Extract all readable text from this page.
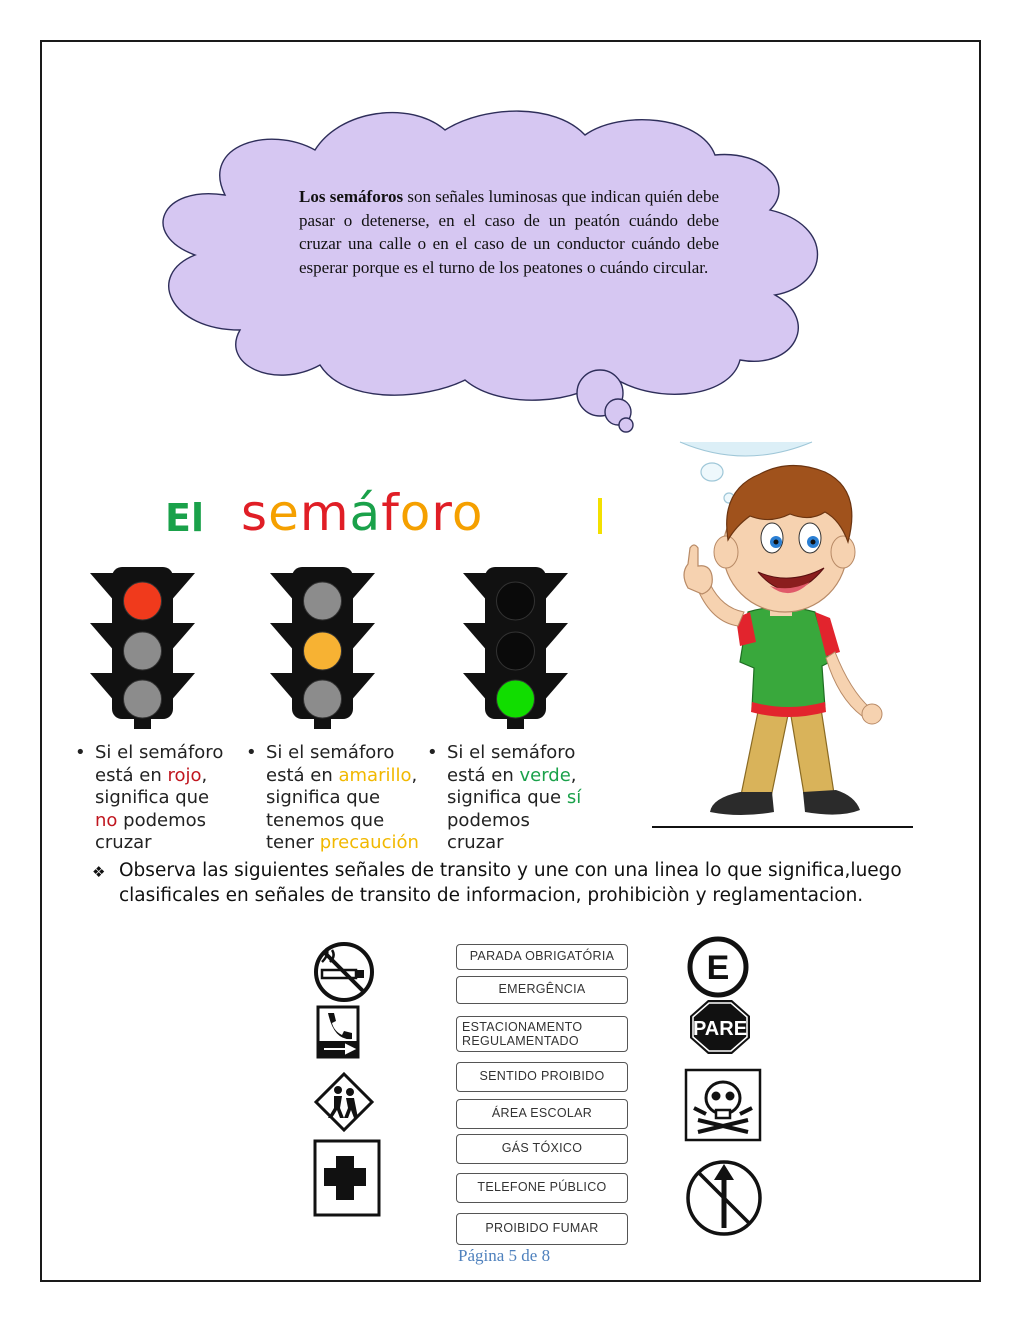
Los semáforos son señales luminosas que indican quién debe pasar o detenerse, en el caso de un peatón cuándo debe cruzar una calle o en el caso de un conductor cuándo debe esperar porque es el turno de los peatones o cuándo circular.
El semáforo
• Si el semáforo
está en rojo,
significa que
no podemos
cruzar
• Si el semáforo
está en amarillo,
significa que
tenemos que
tener precaución
• Si el semáforo
está en verde,
significa que sí
podemos
cruzar
❖ Observa las siguientes señales de transito y une con una linea lo que significa,luego clasificales en señales de transito de informacion, prohibiciòn y reglamentacion.
PARADA OBRIGATÓRIA
EMERGÊNCIA
ESTACIONAMENTO
REGULAMENTADO
SENTIDO PROIBIDO
ÁREA ESCOLAR
GÁS TÓXICO
TELEFONE PÚBLICO
PROIBIDO FUMAR
E
PARE
Página 5 de 8
